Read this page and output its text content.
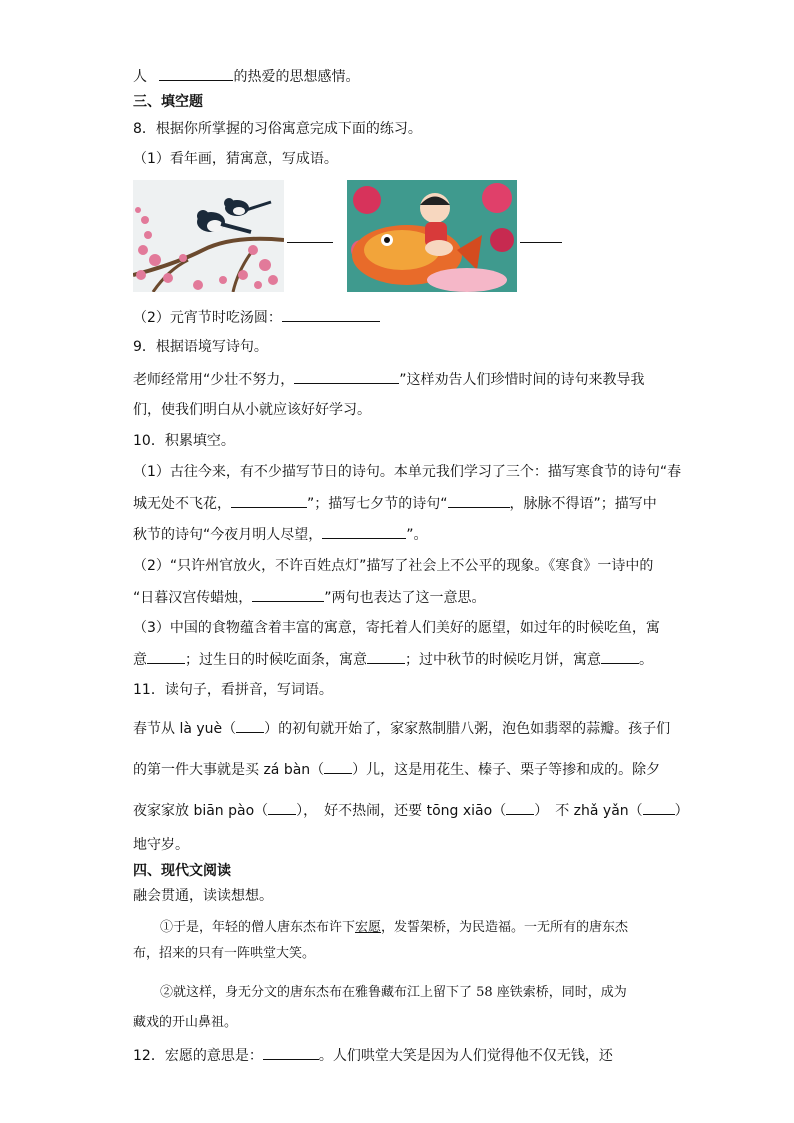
人	的热爱的思想感情。
三、填空题
8．根据你所掌握的习俗寓意完成下面的练习。
（1）看年画，猜寓意，写成语。
（2）元宵节时吃汤圆：
9．根据语境写诗句。
老师经常用“少壮不努力，	”这样劝告人们珍惜时间的诗句来教导我
们，使我们明白从小就应该好好学习。
10．积累填空。
（1）古往今来，有不少描写节日的诗句。本单元我们学习了三个：描写寒食节的诗句“春
城无处不飞花，	”；描写七夕节的诗句“	，脉脉不得语”；描写中
秋节的诗句“今夜月明人尽望，	”。
（2）“只许州官放火，不许百姓点灯”描写了社会上不公平的现象。《寒食》一诗中的
“日暮汉宫传蜡烛，	”两句也表达了这一意思。
（3）中国的食物蕴含着丰富的寓意，寄托着人们美好的愿望，如过年的时候吃鱼，寓
意	；过生日的时候吃面条，寓意	；过中秋节的时候吃月饼，寓意	。
11．读句子，看拼音，写词语。
春节从 là yuè（ ）的初旬就开始了，家家熬制腊八粥，泡色如翡翠的蒜瓣。孩子们
的第一件大事就是买 zá bàn（ ）儿，这是用花生、榛子、栗子等掺和成的。除夕
夜家家放 biān pào（ ），　好不热闹，还要 tōng xiāo（ ）　不 zhǎ yǎn（ ）
地守岁。
四、现代文阅读
融会贯通，读读想想。
①于是，年轻的僧人唐东杰布许下宏愿，发誓架桥，为民造福。一无所有的唐东杰
布，招来的只有一阵哄堂大笑。
②就这样，身无分文的唐东杰布在雅鲁藏布江上留下了 58 座铁索桥，同时，成为
藏戏的开山鼻祖。
12．宏愿的意思是：	。人们哄堂大笑是因为人们觉得他不仅无钱，还
